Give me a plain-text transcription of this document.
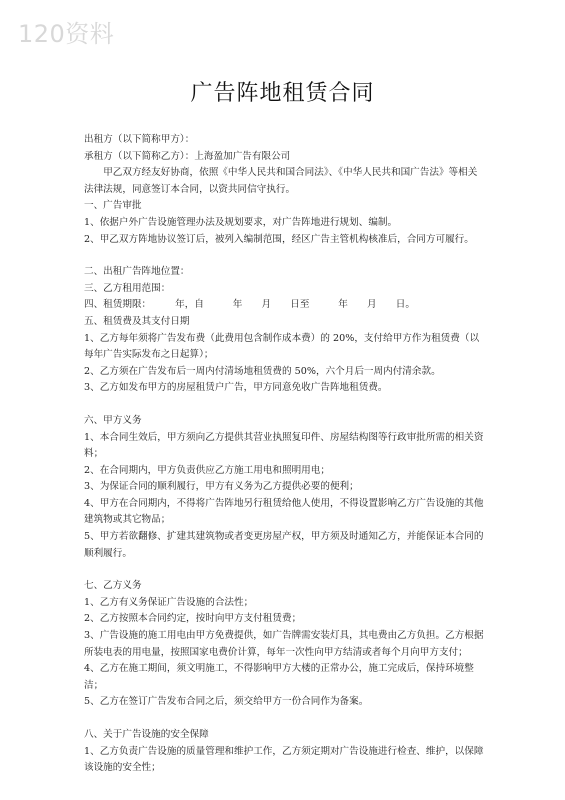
120资料
广告阵地租赁合同

出租方（以下简称甲方）：

承租方（以下简称乙方）：上海盈加广告有限公司

甲乙双方经友好协商，依照《中华人民共和国合同法》、《中华人民共和国广告法》等相关法律法规，同意签订本合同，以资共同信守执行。

一、广告审批

1、依据户外广告设施管理办法及规划要求，对广告阵地进行规划、编制。

2、甲乙双方阵地协议签订后，被列入编制范围，经区广告主管机构核准后，合同方可履行。

二、出租广告阵地位置：

三、乙方租用范围：

四、租赁期限：　　　年，自　　　年　　月　　日至　　　年　　月　　日。

五、租赁费及其支付日期

1、乙方每年须将广告发布费（此费用包含制作成本费）的 20%，支付给甲方作为租赁费（以每年广告实际发布之日起算）；

2、乙方须在广告发布后一周内付清场地租赁费的 50%，六个月后一周内付清余款。

3、乙方如发布甲方的房屋租赁户广告，甲方同意免收广告阵地租赁费。

六、甲方义务

1、本合同生效后，甲方须向乙方提供其营业执照复印件、房屋结构图等行政审批所需的相关资料；

2、在合同期内，甲方负责供应乙方施工用电和照明用电；

3、为保证合同的顺利履行，甲方有义务为乙方提供必要的便利；

4、甲方在合同期内，不得将广告阵地另行租赁给他人使用，不得设置影响乙方广告设施的其他建筑物或其它物品；

5、甲方若欲翻修、扩建其建筑物或者变更房屋产权，甲方须及时通知乙方，并能保证本合同的顺利履行。

七、乙方义务

1、乙方有义务保证广告设施的合法性；

2、乙方按照本合同约定，按时向甲方支付租赁费；

3、广告设施的施工用电由甲方免费提供，如广告牌需安装灯具，其电费由乙方负担。乙方根据所装电表的用电量，按照国家电费价计算，每年一次性向甲方结清或者每个月向甲方支付；

4、乙方在施工期间，须文明施工，不得影响甲方大楼的正常办公，施工完成后，保持环境整洁；

5、乙方在签订广告发布合同之后，须交给甲方一份合同作为备案。

八、关于广告设施的安全保障

1、乙方负责广告设施的质量管理和维护工作，乙方须定期对广告设施进行检查、维护，以保障该设施的安全性；
